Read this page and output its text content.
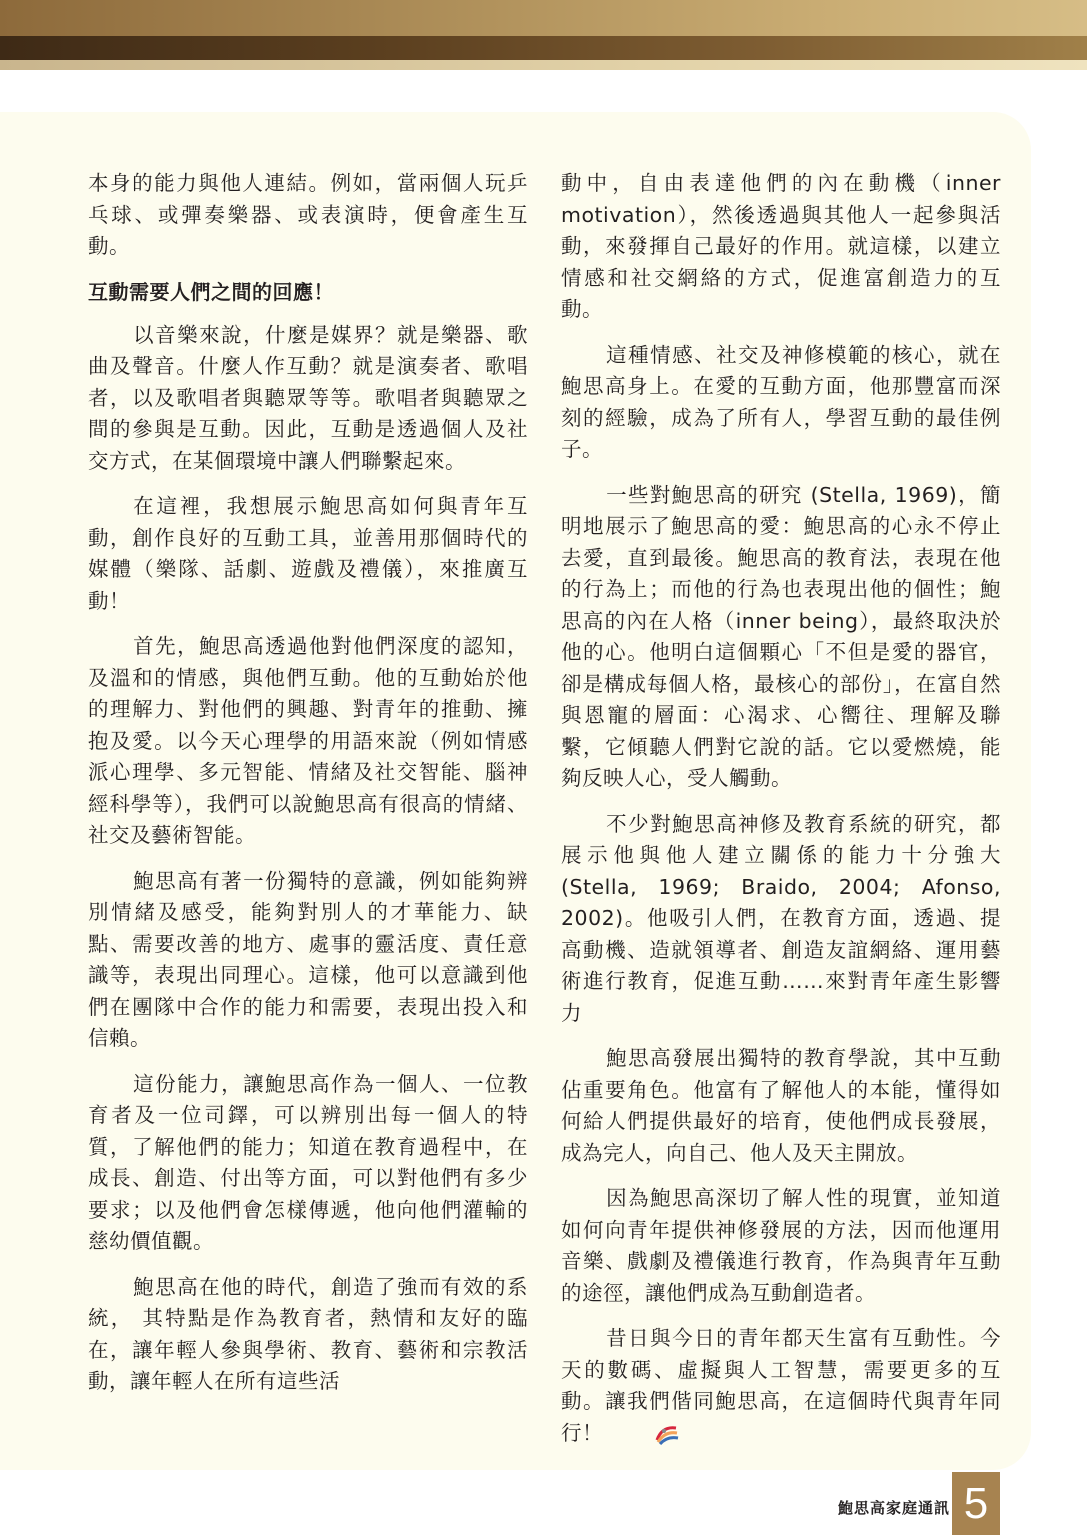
本身的能力與他人連結。例如，當兩個人玩乒乓球、或彈奏樂器、或表演時，便會產生互動。

互動需要人們之間的回應！

以音樂來說，什麼是媒界？就是樂器、歌曲及聲音。什麼人作互動？就是演奏者、歌唱者，以及歌唱者與聽眾等等。歌唱者與聽眾之間的參與是互動。因此，互動是透過個人及社交方式，在某個環境中讓人們聯繫起來。

在這裡，我想展示鮑思高如何與青年互動，創作良好的互動工具，並善用那個時代的媒體（樂隊、話劇、遊戲及禮儀），來推廣互動！

首先，鮑思高透過他對他們深度的認知，及溫和的情感，與他們互動。他的互動始於他的理解力、對他們的興趣、對青年的推動、擁抱及愛。以今天心理學的用語來說（例如情感派心理學、多元智能、情緒及社交智能、腦神經科學等），我們可以說鮑思高有很高的情緒、社交及藝術智能。

鮑思高有著一份獨特的意識，例如能夠辨別情緒及感受，能夠對別人的才華能力、缺點、需要改善的地方、處事的靈活度、責任意識等，表現出同理心。這樣，他可以意識到他們在團隊中合作的能力和需要，表現出投入和信賴。

這份能力，讓鮑思高作為一個人、一位教育者及一位司鐸，可以辨別出每一個人的特質，了解他們的能力；知道在教育過程中，在成長、創造、付出等方面，可以對他們有多少要求；以及他們會怎樣傳遞，他向他們灌輸的慈幼價值觀。

鮑思高在他的時代，創造了強而有效的系統， 其特點是作為教育者，熱情和友好的臨在，讓年輕人參與學術、教育、藝術和宗教活動，讓年輕人在所有這些活

動中，自由表達他們的內在動機（inner motivation），然後透過與其他人一起參與活動，來發揮自己最好的作用。就這樣，以建立情感和社交網絡的方式，促進富創造力的互動。

這種情感、社交及神修模範的核心，就在鮑思高身上。在愛的互動方面，他那豐富而深刻的經驗，成為了所有人，學習互動的最佳例子。

一些對鮑思高的研究 (Stella, 1969)，簡明地展示了鮑思高的愛：鮑思高的心永不停止去愛，直到最後。鮑思高的教育法，表現在他的行為上；而他的行為也表現出他的個性；鮑思高的內在人格（inner being），最終取決於他的心。他明白這個顆心「不但是愛的器官，卻是構成每個人格，最核心的部份」，在富自然與恩寵的層面：心渴求、心嚮往、理解及聯繫，它傾聽人們對它說的話。它以愛燃燒，能夠反映人心，受人觸動。

不少對鮑思高神修及教育系統的研究，都展示他與他人建立關係的能力十分強大 (Stella, 1969; Braido, 2004; Afonso, 2002)。他吸引人們，在教育方面，透過、提高動機、造就領導者、創造友誼網絡、運用藝術進行教育，促進互動……來對青年產生影響力

鮑思高發展出獨特的教育學說，其中互動佔重要角色。他富有了解他人的本能，懂得如何給人們提供最好的培育，使他們成長發展，成為完人，向自己、他人及天主開放。

因為鮑思高深切了解人性的現實，並知道如何向青年提供神修發展的方法，因而他運用音樂、戲劇及禮儀進行教育，作為與青年互動的途徑，讓他們成為互動創造者。

昔日與今日的青年都天生富有互動性。今天的數碼、虛擬與人工智慧，需要更多的互動。讓我們偕同鮑思高，在這個時代與青年同行！

鮑思高家庭通訊 5
